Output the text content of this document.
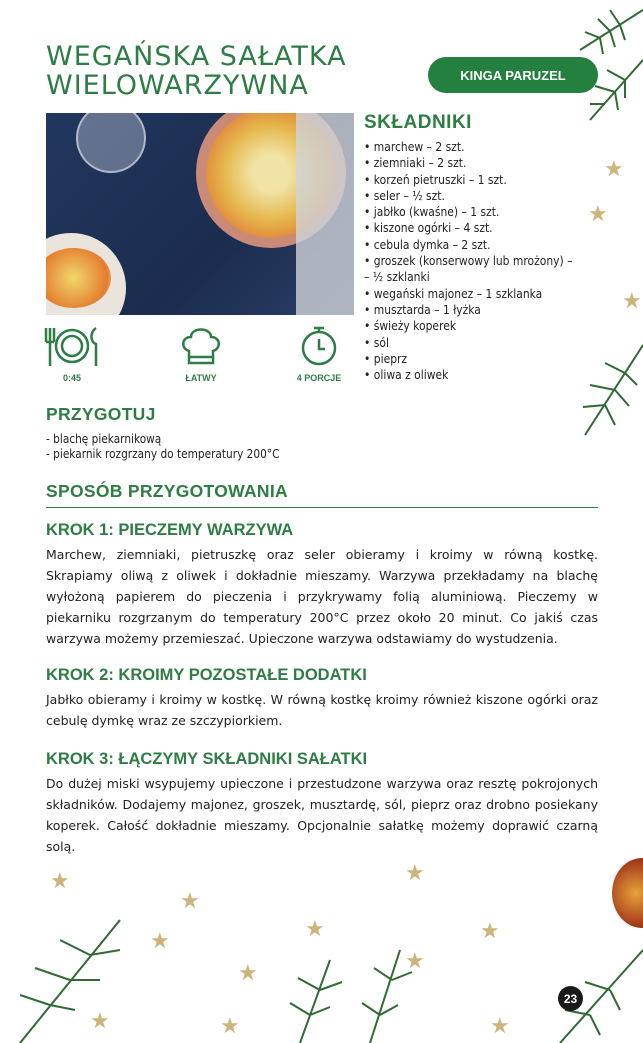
★
★
★
★
★
★
★
★	★
★	★
★	★	★
WEGAŃSKA SAŁATKA
WIELOWARZYWNA	KINGA PARUZEL
0:45	ŁATWY	4 PORCJE
SKŁADNIKI
• marchew – 2 szt.
• ziemniaki – 2 szt.
• korzeń pietruszki – 1 szt.
• seler – ½ szt.
• jabłko (kwaśne) – 1 szt.
• kiszone ogórki – 4 szt.
• cebula dymka – 2 szt.
• groszek (konserwowy lub mrożony) –
– ½ szklanki
• wegański majonez – 1 szklanka
• musztarda – 1 łyżka
• świeży koperek
• sól
• pieprz
• oliwa z oliwek
PRZYGOTUJ
- blachę piekarnikową
- piekarnik rozgrzany do temperatury 200°C
SPOSÓB PRZYGOTOWANIA
KROK 1: PIECZEMY WARZYWA

Marchew, ziemniaki, pietruszkę oraz seler obieramy i kroimy w równą kostkę. Skrapiamy oliwą z oliwek i dokładnie mieszamy. Warzywa przekładamy na blachę wyłożoną papierem do pieczenia i przykrywamy folią aluminiową. Pieczemy w piekarniku rozgrzanym do temperatury 200°C przez około 20 minut. Co jakiś czas warzywa możemy przemieszać. Upieczone warzywa odstawiamy do wystudzenia.

KROK 2: KROIMY POZOSTAŁE DODATKI

Jabłko obieramy i kroimy w kostkę. W równą kostkę kroimy również kiszone ogórki oraz cebulę dymkę wraz ze szczypiorkiem.

KROK 3: ŁĄCZYMY SKŁADNIKI SAŁATKI

Do dużej miski wsypujemy upieczone i przestudzone warzywa oraz resztę pokrojonych składników. Dodajemy majonez, groszek, musztardę, sól, pieprz oraz drobno posiekany koperek. Całość dokładnie mieszamy. Opcjonalnie sałatkę możemy doprawić czarną solą.

23
